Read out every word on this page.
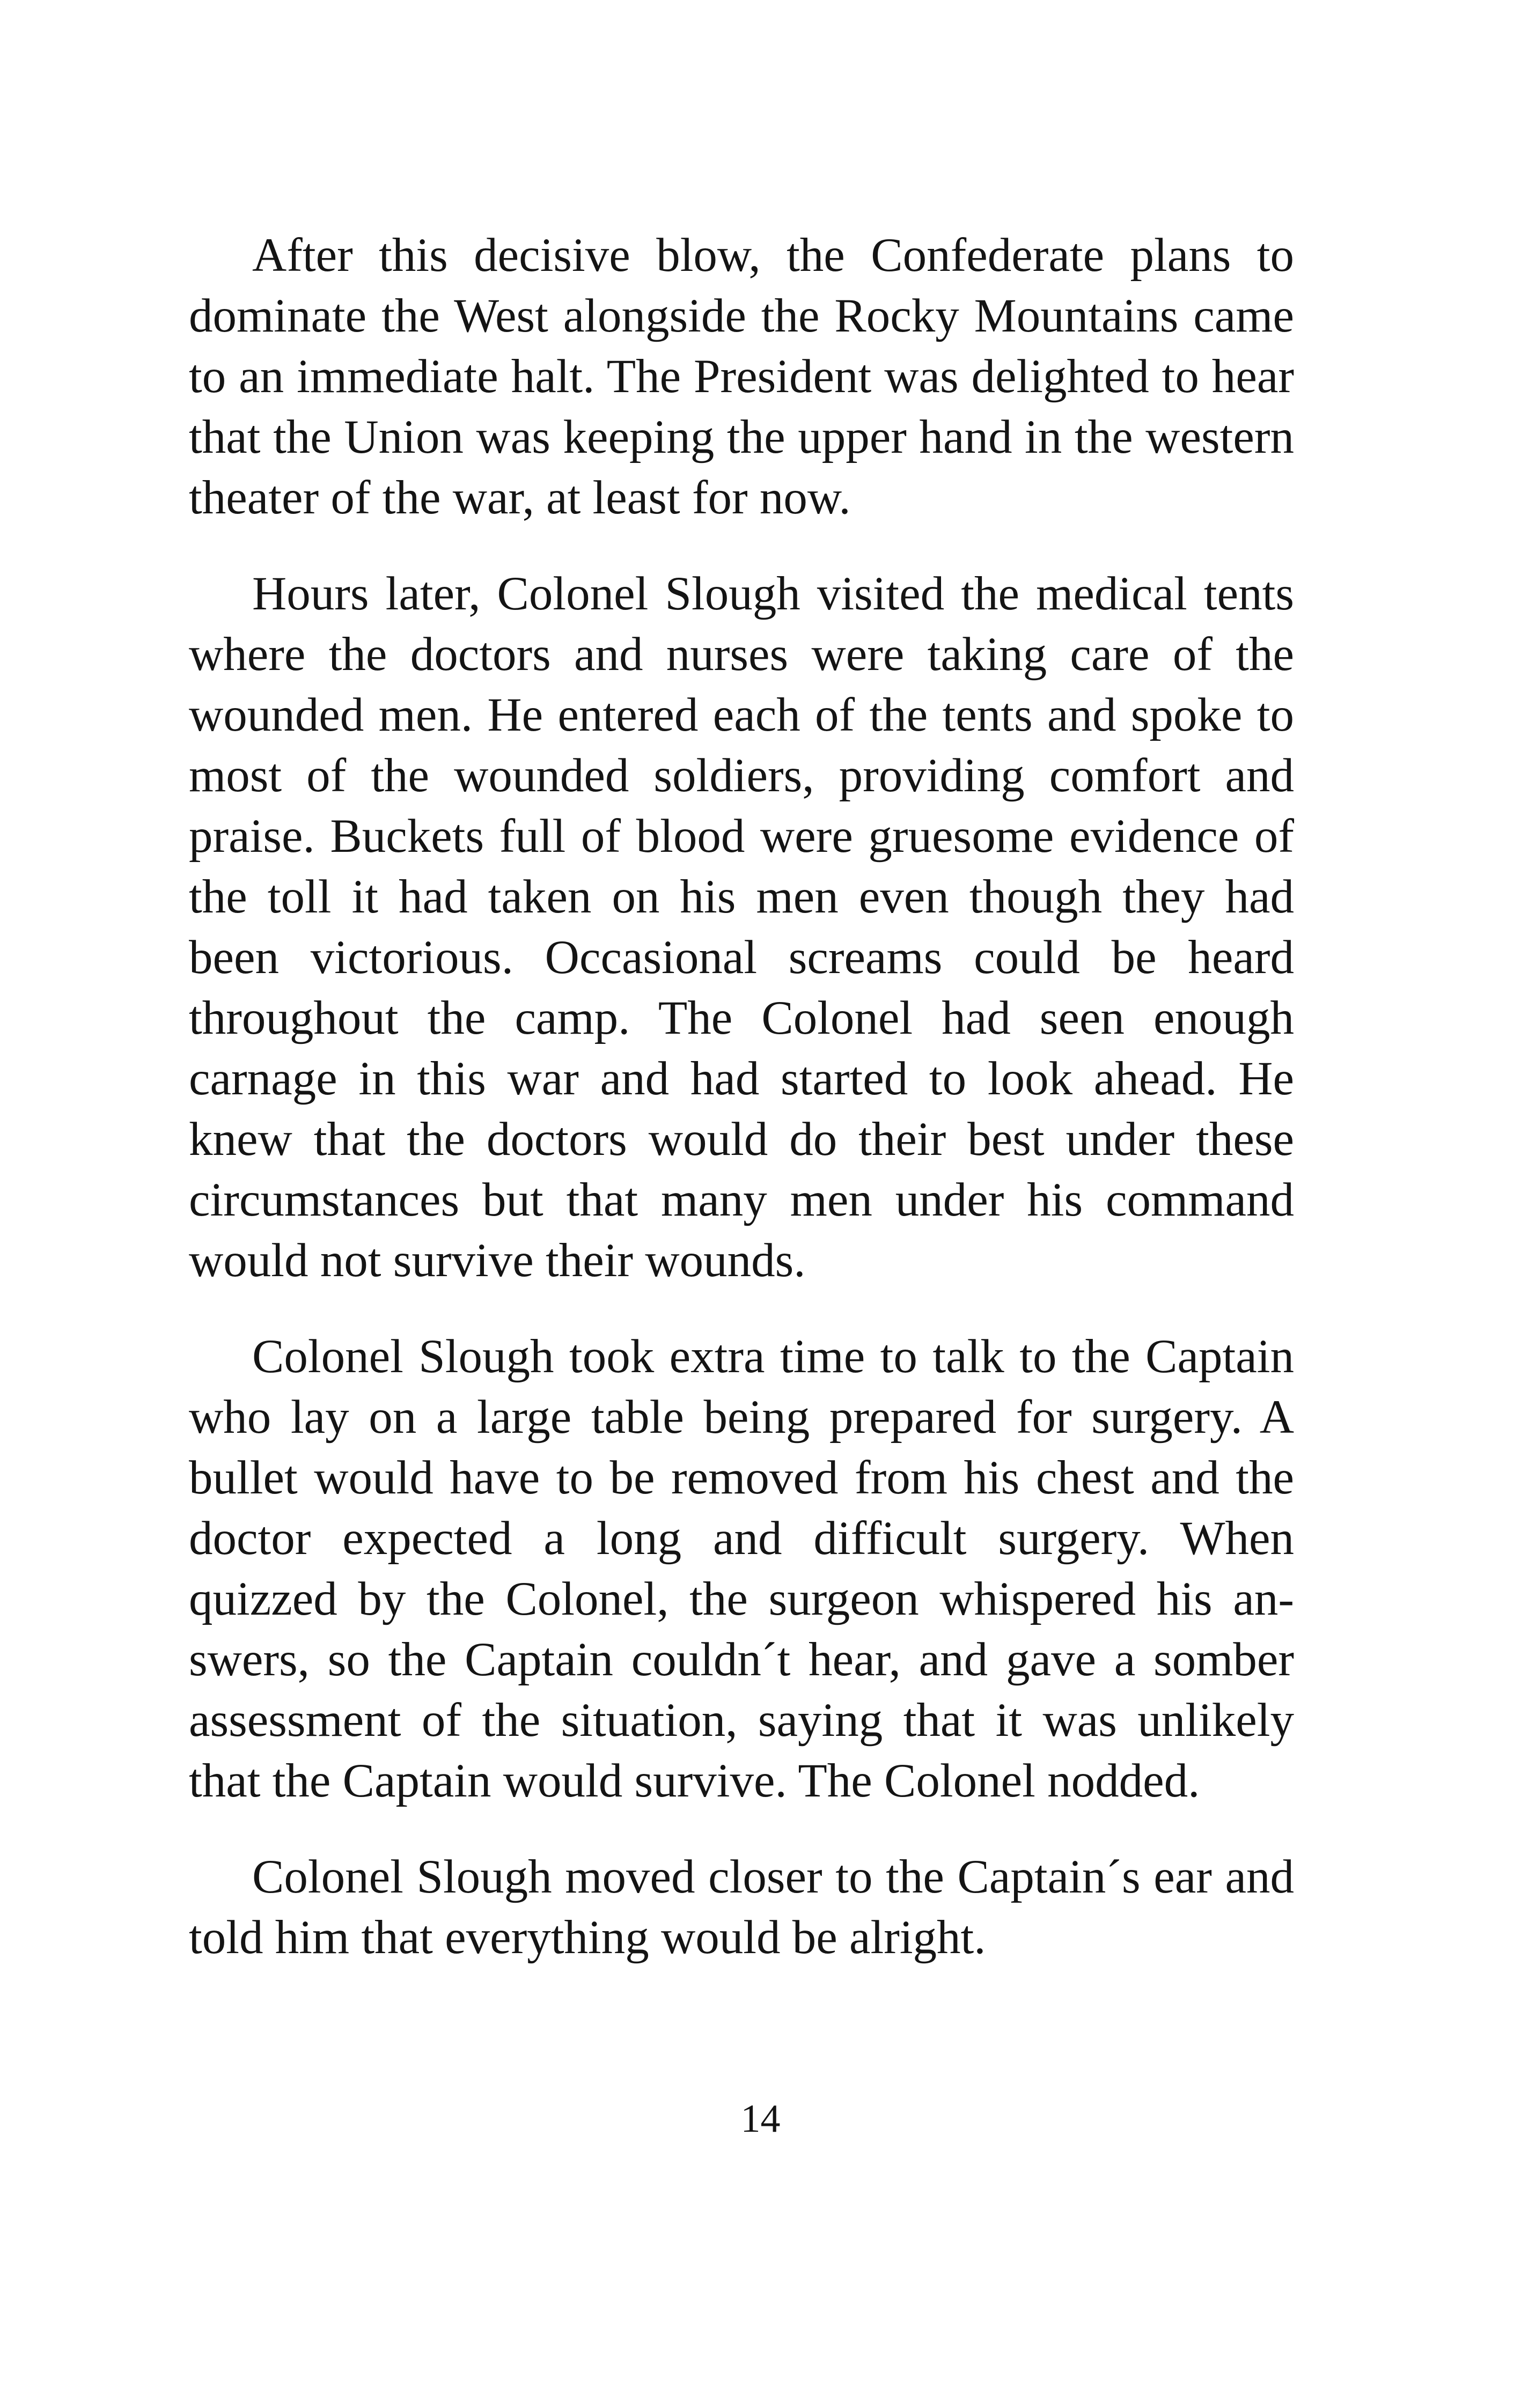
After this decisive blow, the Confederate plans to dominate the West alongside the Rocky Mountains came to an immediate halt. The President was delighted to hear that the Union was keeping the upper hand in the western theater of the war, at least for now.

Hours later, Colonel Slough visited the medical tents where the doctors and nurses were taking care of the wounded men. He entered each of the tents and spoke to most of the wounded soldiers, providing comfort and praise. Buckets full of blood were gruesome evidence of the toll it had taken on his men even though they had been victorious. Occasional screams could be heard throughout the camp. The Colonel had seen enough carnage in this war and had started to look ahead. He knew that the doctors would do their best under these circumstances but that many men under his command would not survive their wounds.

Colonel Slough took extra time to talk to the Captain who lay on a large table being prepared for surgery. A bullet would have to be removed from his chest and the doctor expected a long and difficult surgery. When quizzed by the Colonel, the surgeon whispered his answers, so the Captain couldn´t hear, and gave a somber assessment of the situation, saying that it was unlikely that the Captain would survive. The Colonel nodded.

Colonel Slough moved closer to the Captain´s ear and told him that everything would be alright.

14
